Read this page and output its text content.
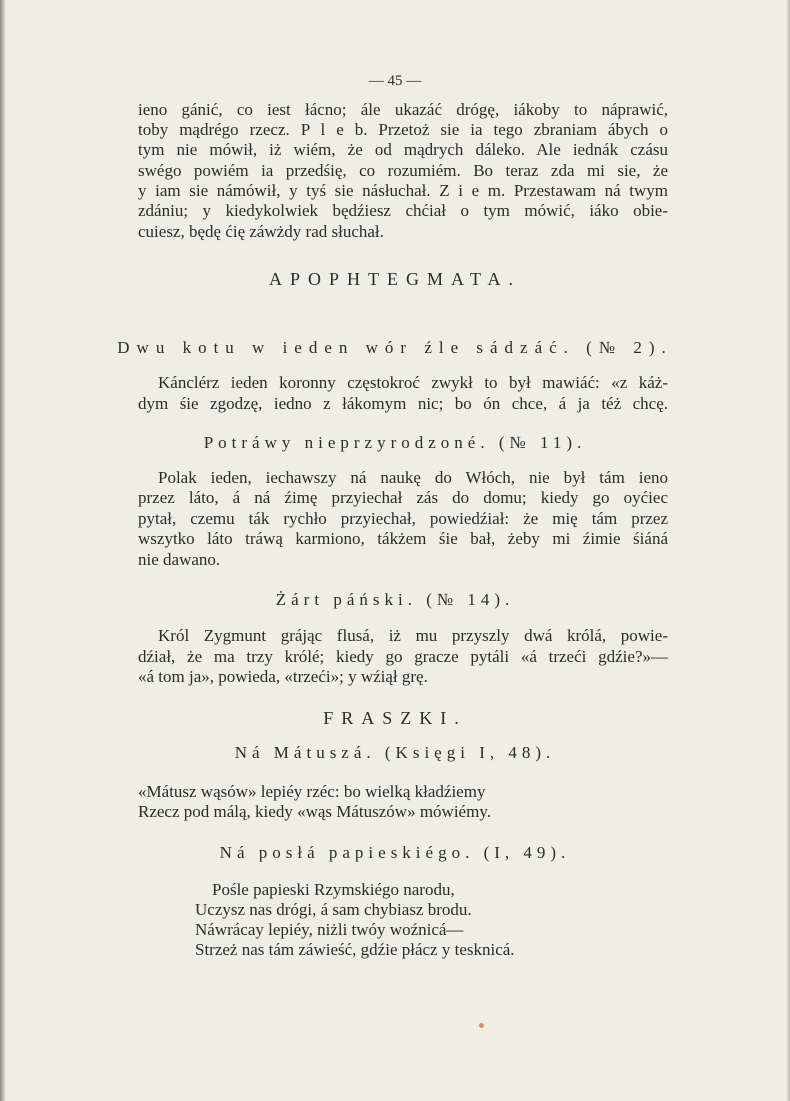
— 45 —
ieno gánić, co iest łácno; ále ukazáć drógę, iákoby to náprawić,
toby mądrégo rzecz. P l e b. Przetoż sie ia tego zbraniam ábych o
tym nie mówił, iż wiém, że od mądrych dáleko. Ale iednák czásu
swégo powiém ia przedśię, co rozumiém. Bo teraz zda mi sie, że
y iam sie námówił, y tyś sie násłuchał. Z i e m. Przestawam ná twym
zdániu; y kiedykolwiek będźiesz chćiał o tym mówić, iáko obie-
cuiesz, będę ćię záwżdy rad słuchał.
APOPHTEGMATA.
Dwu kotu w ieden wór źle sádzáć. (№ 2).
Kánclérz ieden koronny częstokroć zwykł to był mawiáć: «z káż-
dym śie zgodzę, iedno z łákomym nic; bo ón chce, á ja téż chcę.
Potráwy nieprzyrodzoné. (№ 11).
Polak ieden, iechawszy ná naukę do Włóch, nie był tám ieno
przez láto, á ná źimę przyiechał zás do domu; kiedy go oyćiec
pytał, czemu ták rychło przyiechał, powiedźiał: że mię tám przez
wszytko láto tráwą karmiono, tákżem śie bał, żeby mi źimie śiáná
nie dawano.
Żárt páński. (№ 14).
Król Zygmunt grájąc flusá, iż mu przyszly dwá królá, powie-
dźiał, że ma trzy królé; kiedy go gracze pytáli «á trzeći gdźie?»—
«á tom ja», powieda, «trzeći»; y wźiął grę.
FRASZKI.
Ná Mátuszá. (Księgi I, 48).
«Mátusz wąsów» lepiéy rzéc: bo wielką kładźiemy
Rzecz pod málą, kiedy «wąs Mátuszów» mówiémy.
Ná posłá papieskiégo. (I, 49).
Pośle papieski Rzymskiégo narodu,
Uczysz nas drógi, á sam chybiasz brodu.
Náwrácay lepiéy, niżli twóy woźnicá—
Strzeż nas tám záwieść, gdźie płácz y tesknicá.
